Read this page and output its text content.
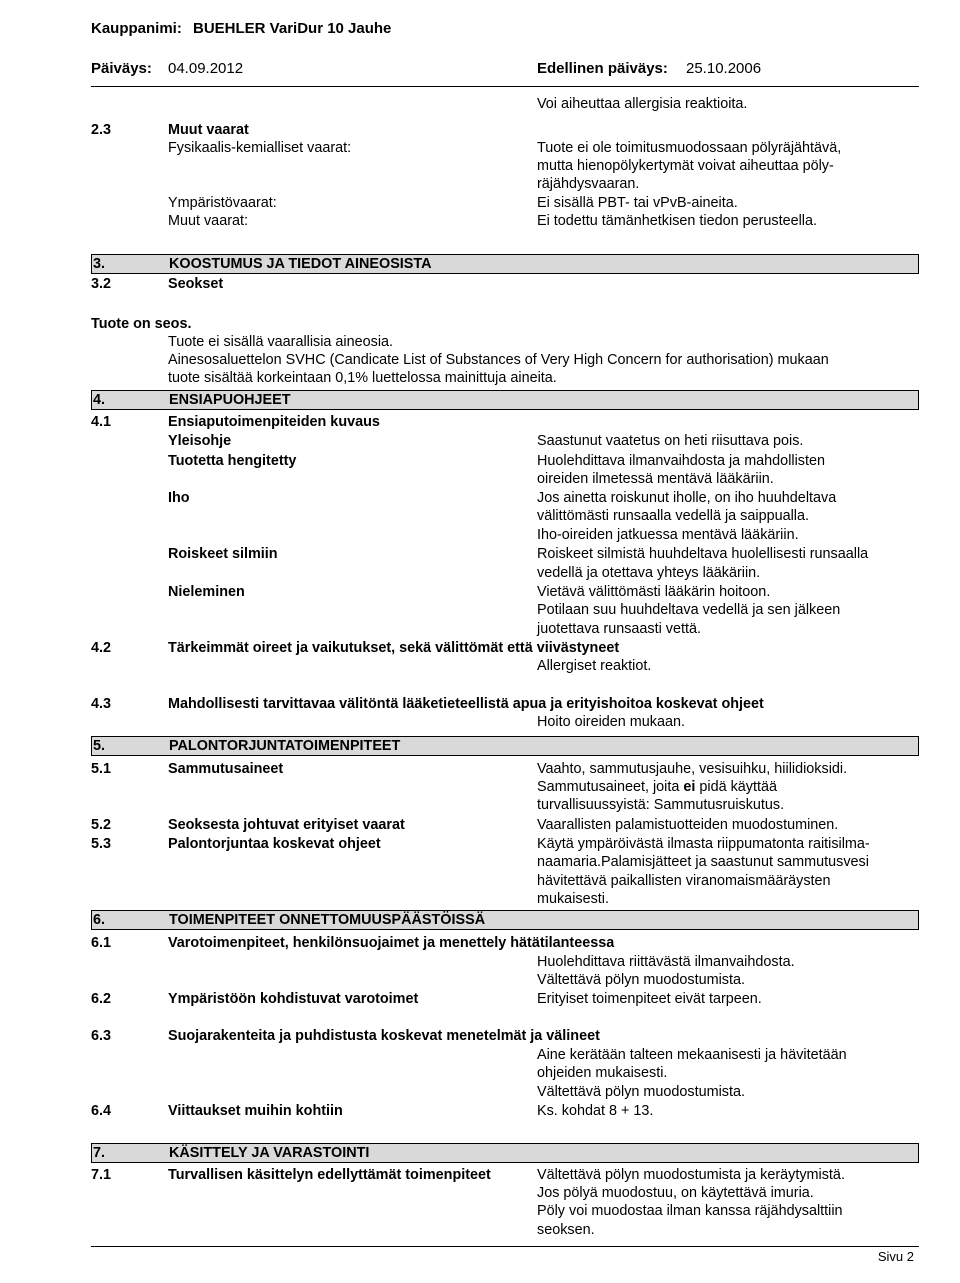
Kauppanimi: BUEHLER VariDur 10 Jauhe
Päiväys: 04.09.2012	Edellinen päiväys: 25.10.2006
Voi aiheuttaa allergisia reaktioita.
2.3	Muut vaarat
Fysikaalis-kemialliset vaarat:	Tuote ei ole toimitusmuodossaan pölyräjähtävä,
mutta hienopölykertymät voivat aiheuttaa pöly-
räjähdysvaaran.
Ympäristövaarat:	Ei sisällä PBT- tai vPvB-aineita.
Muut vaarat:	Ei todettu tämänhetkisen tiedon perusteella.
3.	KOOSTUMUS JA TIEDOT AINEOSISTA
3.2	Seokset
Tuote on seos.
Tuote ei sisällä vaarallisia aineosia.
Ainesosaluettelon SVHC (Candicate List of Substances of Very High Concern for authorisation) mukaan
tuote sisältää korkeintaan 0,1% luettelossa mainittuja aineita.
4.	ENSIAPUOHJEET
4.1	Ensiaputoimenpiteiden kuvaus
Yleisohje	Saastunut vaatetus on heti riisuttava pois.
Tuotetta hengitetty	Huolehdittava ilmanvaihdosta ja mahdollisten
oireiden ilmetessä mentävä lääkäriin.
Iho	Jos ainetta roiskunut iholle, on iho huuhdeltava
välittömästi runsaalla vedellä ja saippualla.
Iho-oireiden jatkuessa mentävä lääkäriin.
Roiskeet silmiin	Roiskeet silmistä huuhdeltava huolellisesti runsaalla
vedellä ja otettava yhteys lääkäriin.
Nieleminen	Vietävä välittömästi lääkärin hoitoon.
Potilaan suu huuhdeltava vedellä ja sen jälkeen
juotettava runsaasti vettä.
4.2	Tärkeimmät oireet ja vaikutukset, sekä välittömät että viivästyneet
Allergiset reaktiot.
4.3	Mahdollisesti tarvittavaa välitöntä lääketieteellistä apua ja erityishoitoa koskevat ohjeet
Hoito oireiden mukaan.
5.	PALONTORJUNTATOIMENPITEET
5.1	Sammutusaineet	Vaahto, sammutusjauhe, vesisuihku, hiilidioksidi.
Sammutusaineet, joita ei pidä käyttää
turvallisuussyistä: Sammutusruiskutus.
5.2	Seoksesta johtuvat erityiset vaarat	Vaarallisten palamistuotteiden muodostuminen.
5.3	Palontorjuntaa koskevat ohjeet	Käytä ympäröivästä ilmasta riippumatonta raitisilma-
naamaria.Palamisjätteet ja saastunut sammutusvesi
hävitettävä paikallisten viranomaismääräysten
mukaisesti.
6.	TOIMENPITEET ONNETTOMUUSPÄÄSTÖISSÄ
6.1	Varotoimenpiteet, henkilönsuojaimet ja menettely hätätilanteessa
Huolehdittava riittävästä ilmanvaihdosta.
Vältettävä pölyn muodostumista.
6.2	Ympäristöön kohdistuvat varotoimet	Erityiset toimenpiteet eivät tarpeen.
6.3	Suojarakenteita ja puhdistusta koskevat menetelmät ja välineet
Aine kerätään talteen mekaanisesti ja hävitetään
ohjeiden mukaisesti.
Vältettävä pölyn muodostumista.
6.4	Viittaukset muihin kohtiin	Ks. kohdat 8 + 13.
7.	KÄSITTELY JA VARASTOINTI
7.1	Turvallisen käsittelyn edellyttämät toimenpiteet	Vältettävä pölyn muodostumista ja keräytymistä.
Jos pölyä muodostuu, on käytettävä imuria.
Pöly voi muodostaa ilman kanssa räjähdysalttiin
seoksen.
Sivu 2
